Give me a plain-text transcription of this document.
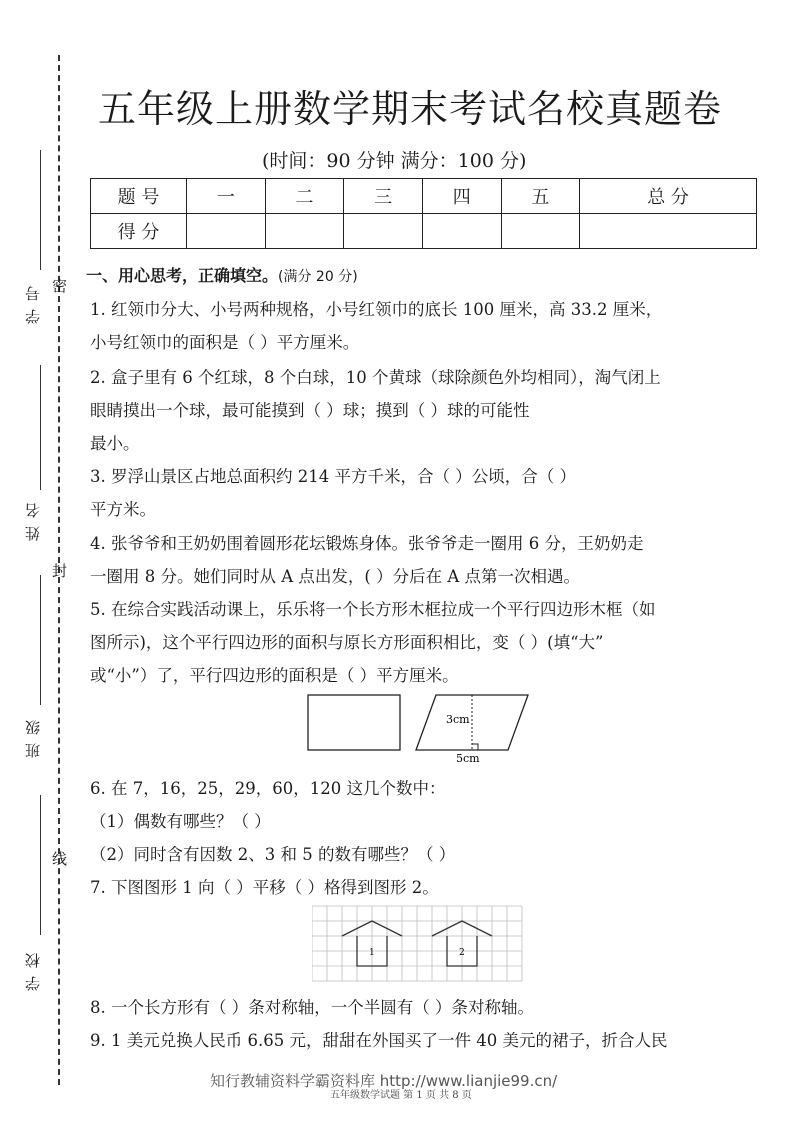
学号
姓名
班级
学校
密
封
线
五年级上册数学期末考试名校真题卷
(时间：90 分钟 满分：100 分)
题 号	一	二	三	四	五	总 分
得 分						
一、用心思考，正确填空。(满分 20 分)
1. 红领巾分大、小号两种规格，小号红领巾的底长 100 厘米，高 33.2 厘米，
小号红领巾的面积是（ ）平方厘米。
2. 盒子里有 6 个红球，8 个白球，10 个黄球（球除颜色外均相同），淘气闭上
眼睛摸出一个球，最可能摸到（ ）球；摸到（ ）球的可能性
最小。
3. 罗浮山景区占地总面积约 214 平方千米，合（ ）公顷，合（ ）
平方米。
4. 张爷爷和王奶奶围着圆形花坛锻炼身体。张爷爷走一圈用 6 分，王奶奶走
一圈用 8 分。她们同时从 A 点出发，( ）分后在 A 点第一次相遇。
5. 在综合实践活动课上，乐乐将一个长方形木框拉成一个平行四边形木框（如
图所示)，这个平行四边形的面积与原长方形面积相比，变（ ）(填“大”
或“小”）了，平行四边形的面积是（ ）平方厘米。
3cm
5cm
6. 在 7，16，25，29，60，120 这几个数中：
（1）偶数有哪些？（ ）
（2）同时含有因数 2、3 和 5 的数有哪些？（ ）
7. 下图图形 1 向（ ）平移（ ）格得到图形 2。
1	2
8. 一个长方形有（ ）条对称轴，一个半圆有（ ）条对称轴。
9. 1 美元兑换人民币 6.65 元，甜甜在外国买了一件 40 美元的裙子，折合人民
知行教辅资料学霸资料库 http://www.lianjie99.cn/
五年级数学试题 第 1 页 共 8 页
